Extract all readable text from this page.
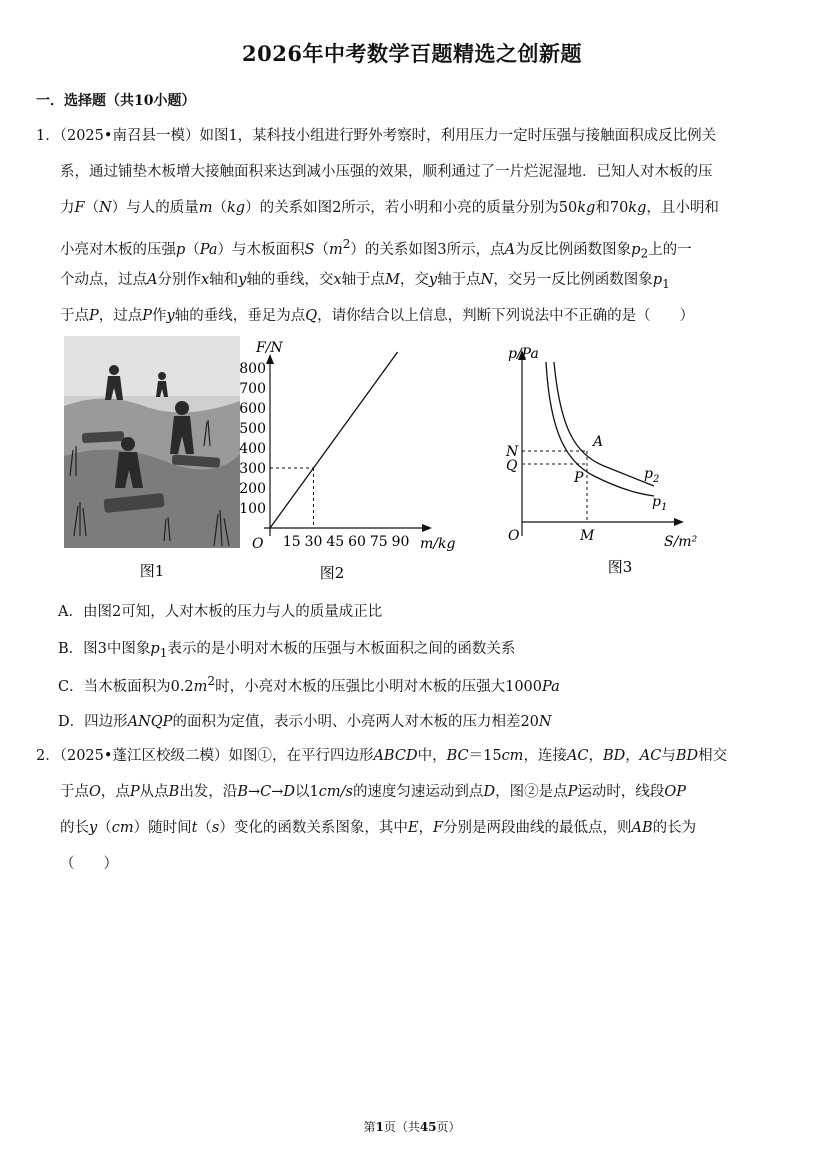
2026年中考数学百题精选之创新题
一．选择题（共10小题）
1．（2025•南召县一模）如图1，某科技小组进行野外考察时，利用压力一定时压强与接触面积成反比例关
系，通过铺垫木板增大接触面积来达到减小压强的效果，顺利通过了一片烂泥湿地．已知人对木板的压
力F（N）与人的质量m（kg）的关系如图2所示，若小明和小亮的质量分别为50kg和70kg，且小明和
小亮对木板的压强p（Pa）与木板面积$S(m^2)$的关系如图3所示，点A为反比例函数图象$p_2$上的一
个动点，过点A分别作x轴和y轴的垂线，交x轴于点M，交y轴于点N，交另一反比例函数图象$p_1$
于点P，过点P作y轴的垂线，垂足为点Q，请你结合以上信息，判断下列说法中不正确的是（　　）
图1
F/N
m/kg
O
100
200
300
400
500
600
700
800
15 30 45 60 75 90
图2
p/Pa
S/m²
O
N
Q
A
P
M
$p_2$
$p_1$
图3
A．由图2可知，人对木板的压力与人的质量成正比
B．图3中图象$p_1$表示的是小明对木板的压强与木板面积之间的函数关系
C．当木板面积为$0.2m^2$时，小亮对木板的压强比小明对木板的压强大1000Pa
D．四边形ANQP的面积为定值，表示小明、小亮两人对木板的压力相差20N
2．（2025•蓬江区校级二模）如图①，在平行四边形ABCD中，BC＝15cm，连接AC，BD，AC与BD相交
于点O，点P从点B出发，沿B→C→D以1cm/s的速度匀速运动到点D，图②是点P运动时，线段OP
的长y（cm）随时间t（s）变化的函数关系图象，其中E，F分别是两段曲线的最低点，则AB的长为
（　　）
第1页（共45页）
